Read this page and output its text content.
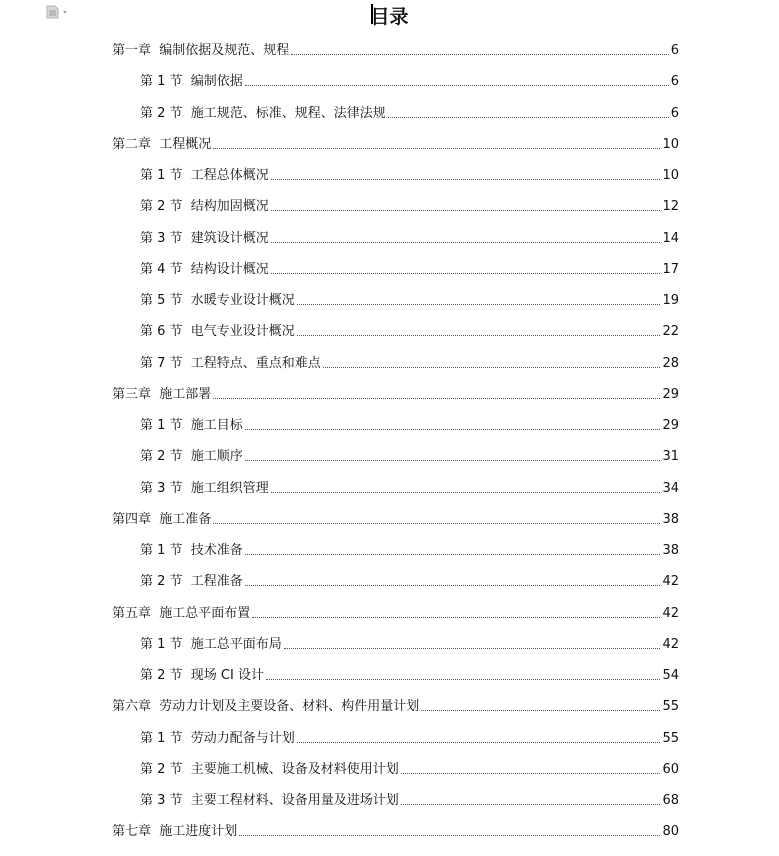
目录
第一章  编制依据及规范、规程	6
第 1 节  编制依据	6
第 2 节  施工规范、标准、规程、法律法规	6
第二章  工程概况	10
第 1 节  工程总体概况	10
第 2 节  结构加固概况	12
第 3 节  建筑设计概况	14
第 4 节  结构设计概况	17
第 5 节  水暖专业设计概况	19
第 6 节  电气专业设计概况	22
第 7 节  工程特点、重点和难点	28
第三章  施工部署	29
第 1 节  施工目标	29
第 2 节  施工顺序	31
第 3 节  施工组织管理	34
第四章  施工准备	38
第 1 节  技术准备	38
第 2 节  工程准备	42
第五章  施工总平面布置	42
第 1 节  施工总平面布局	42
第 2 节  现场 CI 设计	54
第六章  劳动力计划及主要设备、材料、构件用量计划	55
第 1 节  劳动力配备与计划	55
第 2 节  主要施工机械、设备及材料使用计划	60
第 3 节  主要工程材料、设备用量及进场计划	68
第七章  施工进度计划	80
